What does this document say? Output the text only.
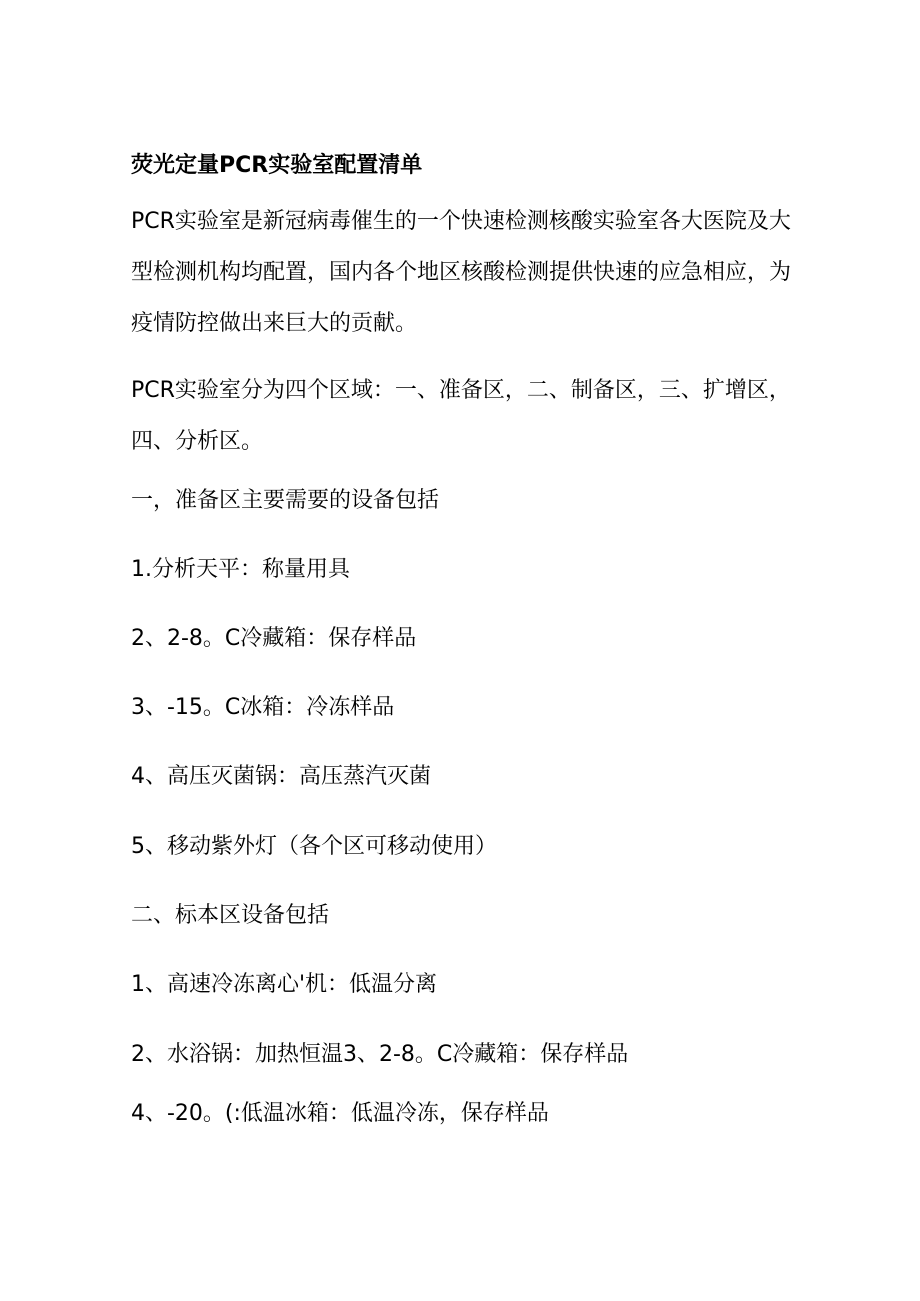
荧光定量PCR实验室配置清单

PCR实验室是新冠病毒催生的一个快速检测核酸实验室各大医院及大
型检测机构均配置，国内各个地区核酸检测提供快速的应急相应，为
疫情防控做出来巨大的贡献。

PCR实验室分为四个区域：一、准备区，二、制备区，三、扩增区，
四、分析区。

一，准备区主要需要的设备包括

1.分析天平：称量用具

2、2-8。C冷藏箱：保存样品

3、-15。C冰箱：冷冻样品

4、高压灭菌锅：高压蒸汽灭菌

5、移动紫外灯（各个区可移动使用）

二、标本区设备包括

1、高速冷冻离心'机：低温分离

2、水浴锅：加热恒温3、2-8。C冷藏箱：保存样品

4、-20。(:低温冰箱：低温冷冻，保存样品
